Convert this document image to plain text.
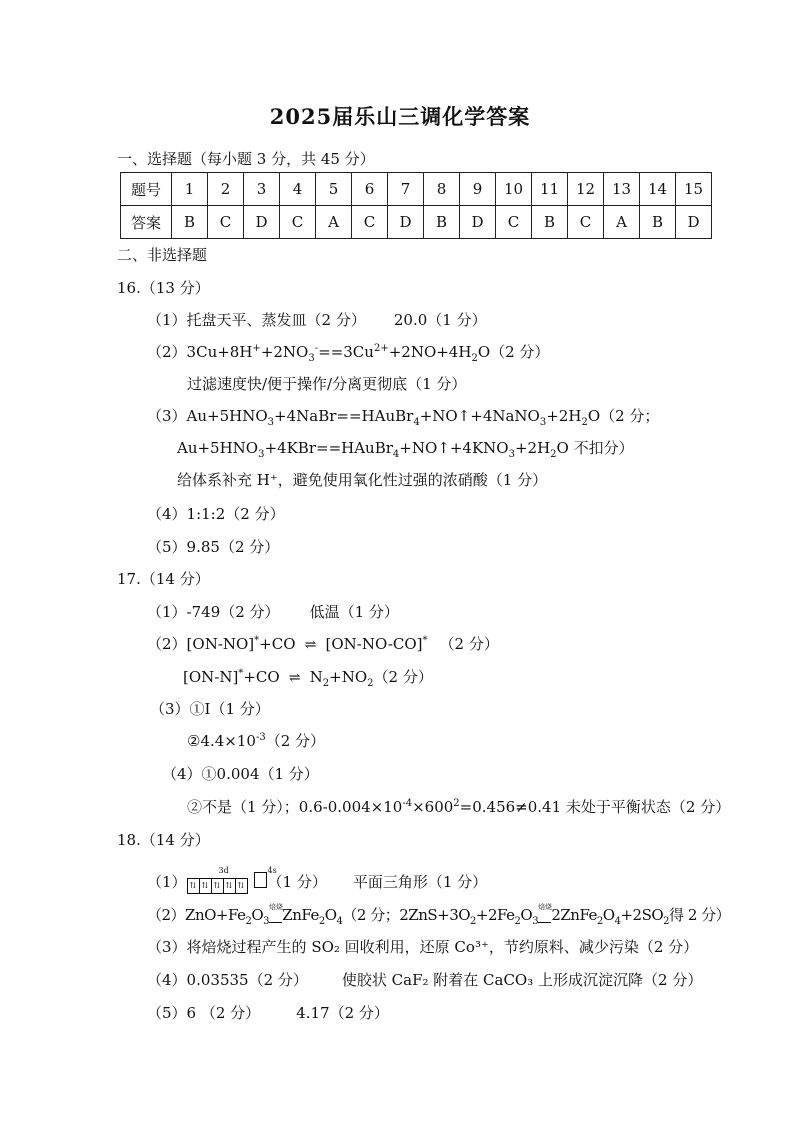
2025届乐山三调化学答案
一、选择题（每小题 3 分，共 45 分）
题号	1	2	3	4	5	6	7	8	9	10	11	12	13	14	15
答案	B	C	D	C	A	C	D	B	D	C	B	C	A	B	D
二、非选择题
16.（13 分）
（1）托盘天平、蒸发皿（2 分） 20.0（1 分）
$(2)3Cu+8H^++2NO_3^-==3Cu^{2+}+2NO+4H_2O(2$ 分）
过滤速度快/便于操作/分离更彻底（1 分）
$(3)Au+5HNO_3+4NaBr==HAuBr_4+NO↑+4NaNO_3+2H_2O(2$ 分；
$Au+5HNO_3+4KBr==HAuBr_4+NO↑+4KNO_3+2H_2O$ 不扣分）
给体系补充 H⁺，避免使用氧化性过强的浓硝酸（1 分）
（4）1:1:2（2 分）
（5）9.85（2 分）
17.（14 分）
（1）-749（2 分） 低温（1 分）
（2）[ON-NO]*+CO ⇌ [ON-NO-CO]* （2 分）
[ON-N]*+CO ⇌ $N_2+NO_2(2$ 分）
（3）①Ⅰ（1 分）
$②4.4\times 10^{-3}(2$ 分）
（4）①0.004（1 分）
②不是（1 分）；$0.6-0.004\times 10^{-4}\times 600^2=0.456\ne 0.41$ 未处于平衡状态（2 分）
18.（14 分）
（1）
3d	4s
⇅ ⇅ ⇅ ⇅ ⇅ （1 分） 平面三角形（1 分）
$(2)ZnO+Fe_2O_3$
焙烧
$ZnFe_2O_4(2$ 分；$2ZnS+3O_2+2Fe_2O_3$
焙烧
$2ZnFe_2O_4+2SO_2$得 2 分）
（3）将焙烧过程产生的 SO₂ 回收利用，还原 Co³⁺，节约原料、减少污染（2 分）
（4）0.03535（2 分） 使胶状 CaF₂ 附着在 CaCO₃ 上形成沉淀沉降（2 分）
（5）6 （2 分） 4.17（2 分）
